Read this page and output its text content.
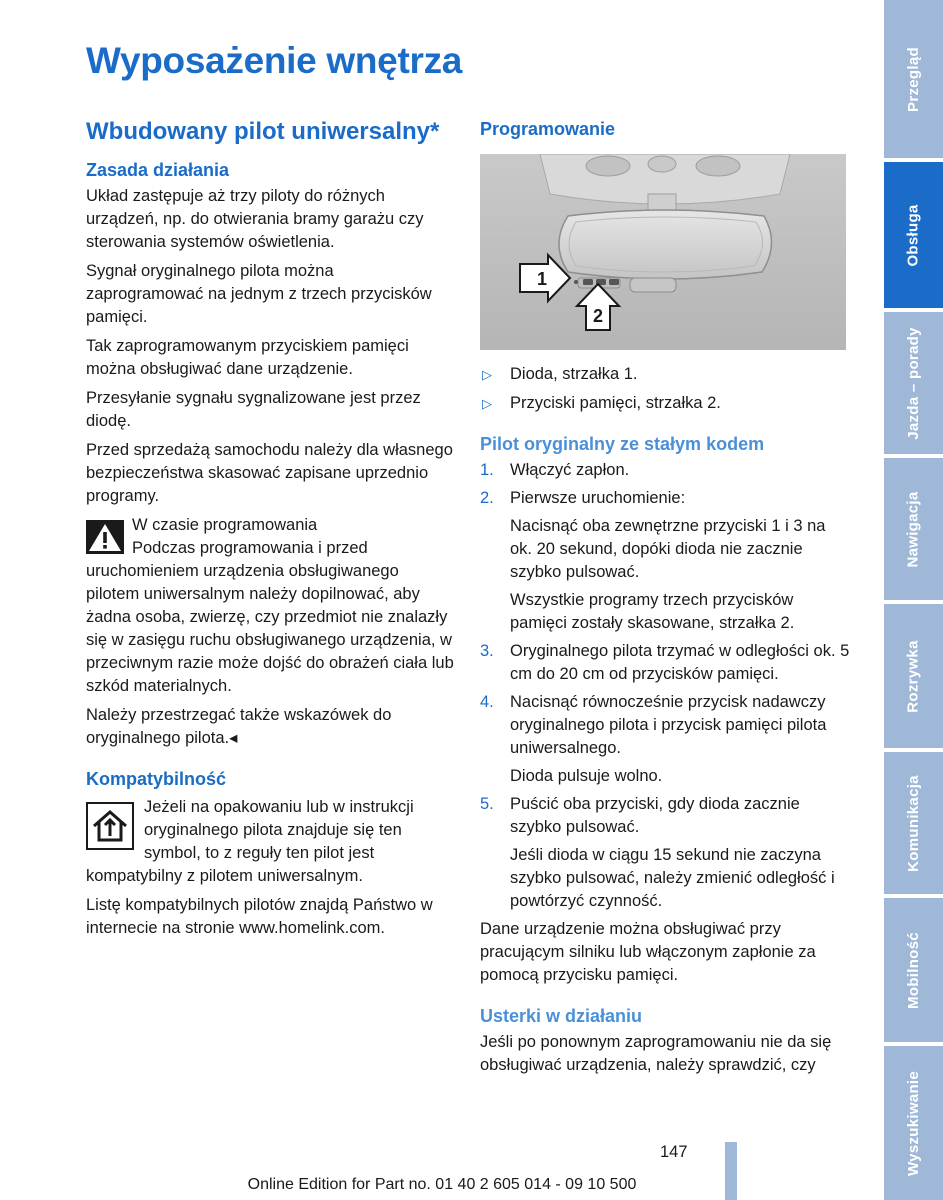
Wyposażenie wnętrza
Wbudowany pilot uniwersalny*
Zasada działania
Układ zastępuje aż trzy piloty do różnych urządzeń, np. do otwierania bramy garażu czy sterowania systemów oświetlenia.
Sygnał oryginalnego pilota można zaprogramować na jednym z trzech przycisków pamięci.
Tak zaprogramowanym przyciskiem pamięci można obsługiwać dane urządzenie.
Przesyłanie sygnału sygnalizowane jest przez diodę.
Przed sprzedażą samochodu należy dla własnego bezpieczeństwa skasować zapisane uprzednio programy.
W czasie programowania
Podczas programowania i przed uruchomieniem urządzenia obsługiwanego pilotem uniwersalnym należy dopilnować, aby żadna osoba, zwierzę, czy przedmiot nie znalazły się w zasięgu ruchu obsługiwanego urządzenia, w przeciwnym razie może dojść do obrażeń ciała lub szkód materialnych.
Należy przestrzegać także wskazówek do oryginalnego pilota.◂
Kompatybilność
Jeżeli na opakowaniu lub w instrukcji oryginalnego pilota znajduje się ten symbol, to z reguły ten pilot jest kompatybilny z pilotem uniwersalnym.
Listę kompatybilnych pilotów znajdą Państwo w internecie na stronie www.homelink.com.
Programowanie
1
2
▷ Dioda, strzałka 1.
▷ Przyciski pamięci, strzałka 2.
Pilot oryginalny ze stałym kodem
1. Włączyć zapłon.
2. Pierwsze uruchomienie:
Nacisnąć oba zewnętrzne przyciski 1 i 3 na ok. 20 sekund, dopóki dioda nie zacznie szybko pulsować.
Wszystkie programy trzech przycisków pamięci zostały skasowane, strzałka 2.
3. Oryginalnego pilota trzymać w odległości ok. 5 cm do 20 cm od przycisków pamięci.
4. Nacisnąć równocześnie przycisk nadawczy oryginalnego pilota i przycisk pamięci pilota uniwersalnego.
Dioda pulsuje wolno.
5. Puścić oba przyciski, gdy dioda zacznie szybko pulsować.
Jeśli dioda w ciągu 15 sekund nie zaczyna szybko pulsować, należy zmienić odległość i powtórzyć czynność.
Dane urządzenie można obsługiwać przy pracującym silniku lub włączonym zapłonie za pomocą przycisku pamięci.
Usterki w działaniu
Jeśli po ponownym zaprogramowaniu nie da się obsługiwać urządzenia, należy sprawdzić, czy
Przegląd
Obsługa
Jazda – porady
Nawigacja
Rozrywka
Komunikacja
Mobilność
Wyszukiwanie
147
Online Edition for Part no. 01 40 2 605 014 - 09 10 500
